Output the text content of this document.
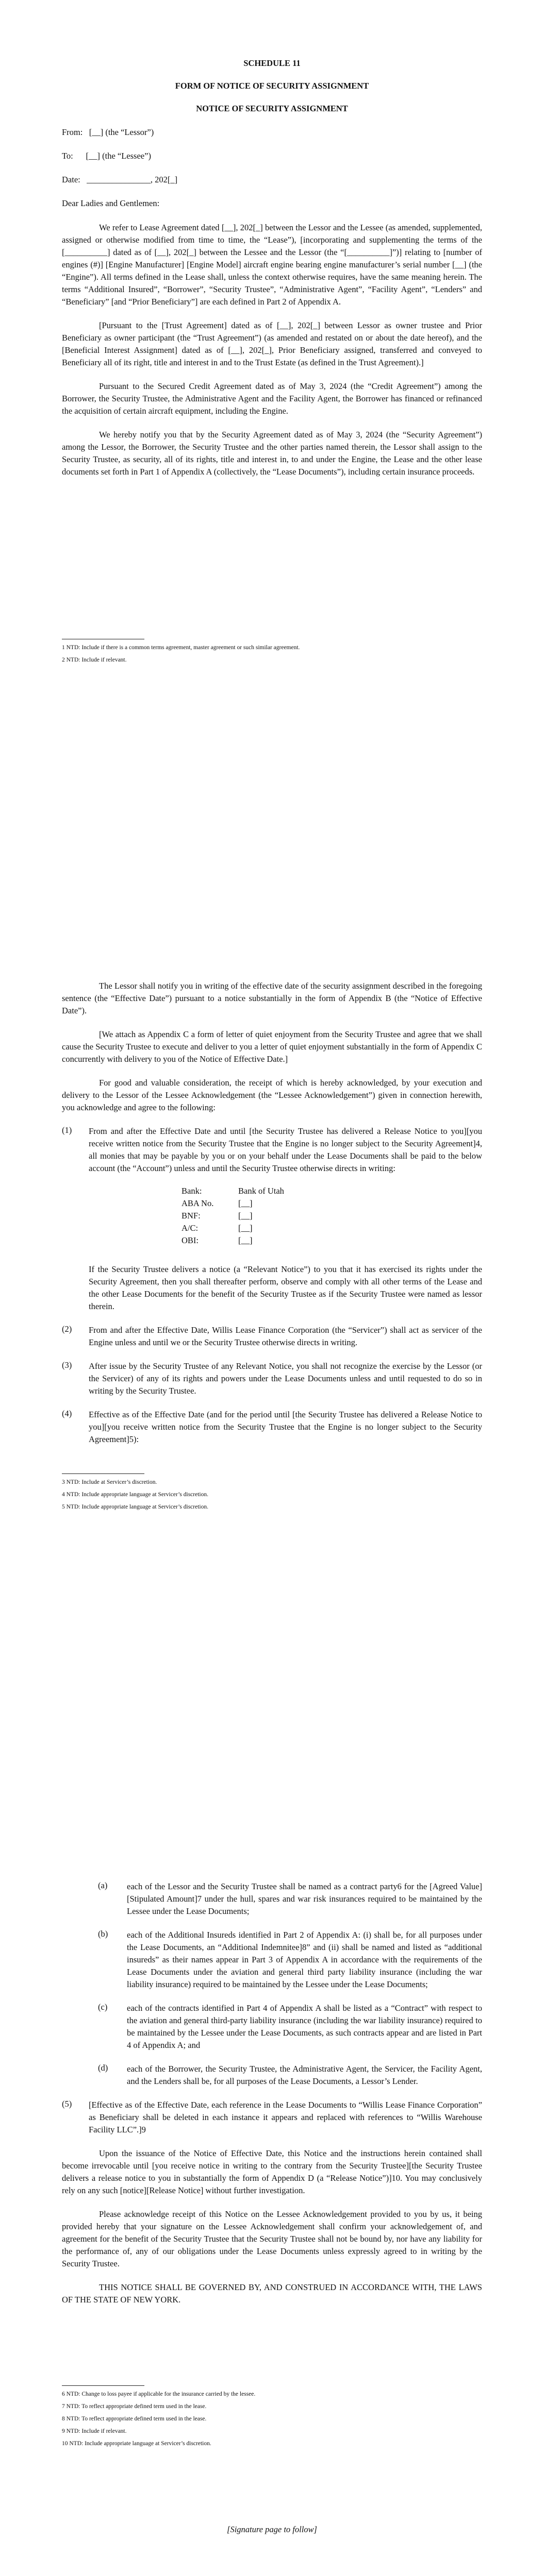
SCHEDULE 11
FORM OF NOTICE OF SECURITY ASSIGNMENT
NOTICE OF SECURITY ASSIGNMENT
From:   [__] (the “Lessor”)
To:      [__] (the “Lessee”)
Date:   _______________, 202[_]
Dear Ladies and Gentlemen:

We refer to Lease Agreement dated [__], 202[_] between the Lessor and the Lessee (as amended, supplemented, assigned or otherwise modified from time to time, the “Lease”), [incorporating and supplementing the terms of the [__________] dated as of [__], 202[_] between the Lessee and the Lessor (the “[__________]”)] relating to [number of engines (#)] [Engine Manufacturer] [Engine Model] aircraft engine bearing engine manufacturer’s serial number [__] (the “Engine”). All terms defined in the Lease shall, unless the context otherwise requires, have the same meaning herein. The terms “Additional Insured”, “Borrower”, “Security Trustee”, “Administrative Agent”, “Facility Agent”, “Lenders” and “Beneficiary” [and “Prior Beneficiary”] are each defined in Part 2 of Appendix A.

[Pursuant to the [Trust Agreement] dated as of [__], 202[_] between Lessor as owner trustee and Prior Beneficiary as owner participant (the “Trust Agreement”) (as amended and restated on or about the date hereof), and the [Beneficial Interest Assignment] dated as of [__], 202[_], Prior Beneficiary assigned, transferred and conveyed to Beneficiary all of its right, title and interest in and to the Trust Estate (as defined in the Trust Agreement).]

Pursuant to the Secured Credit Agreement dated as of May 3, 2024 (the “Credit Agreement”) among the Borrower, the Security Trustee, the Administrative Agent and the Facility Agent, the Borrower has financed or refinanced the acquisition of certain aircraft equipment, including the Engine.

We hereby notify you that by the Security Agreement dated as of May 3, 2024 (the “Security Agreement”) among the Lessor, the Borrower, the Security Trustee and the other parties named therein, the Lessor shall assign to the Security Trustee, as security, all of its rights, title and interest in, to and under the Engine, the Lease and the other lease documents set forth in Part 1 of Appendix A (collectively, the “Lease Documents”), including certain insurance proceeds.

1 NTD: Include if there is a common terms agreement, master agreement or such similar agreement.
2 NTD: Include if relevant.

The Lessor shall notify you in writing of the effective date of the security assignment described in the foregoing sentence (the “Effective Date”) pursuant to a notice substantially in the form of Appendix B (the “Notice of Effective Date”).

[We attach as Appendix C a form of letter of quiet enjoyment from the Security Trustee and agree that we shall cause the Security Trustee to execute and deliver to you a letter of quiet enjoyment substantially in the form of Appendix C concurrently with delivery to you of the Notice of Effective Date.]

For good and valuable consideration, the receipt of which is hereby acknowledged, by your execution and delivery to the Lessor of the Lessee Acknowledgement (the “Lessee Acknowledgement”) given in connection herewith, you acknowledge and agree to the following:

(1) From and after the Effective Date and until [the Security Trustee has delivered a Release Notice to you][you receive written notice from the Security Trustee that the Engine is no longer subject to the Security Agreement]4, all monies that may be payable by you or on your behalf under the Lease Documents shall be paid to the below account (the “Account”) unless and until the Security Trustee otherwise directs in writing:

Bank:	Bank of Utah
ABA No.	[__]
BNF:	[__]
A/C:	[__]
OBI:	[__]

If the Security Trustee delivers a notice (a “Relevant Notice”) to you that it has exercised its rights under the Security Agreement, then you shall thereafter perform, observe and comply with all other terms of the Lease and the other Lease Documents for the benefit of the Security Trustee as if the Security Trustee were named as lessor therein.

(2) From and after the Effective Date, Willis Lease Finance Corporation (the “Servicer”) shall act as servicer of the Engine unless and until we or the Security Trustee otherwise directs in writing.

(3) After issue by the Security Trustee of any Relevant Notice, you shall not recognize the exercise by the Lessor (or the Servicer) of any of its rights and powers under the Lease Documents unless and until requested to do so in writing by the Security Trustee.

(4) Effective as of the Effective Date (and for the period until [the Security Trustee has delivered a Release Notice to you][you receive written notice from the Security Trustee that the Engine is no longer subject to the Security Agreement]5):

3 NTD: Include at Servicer’s discretion.
4 NTD: Include appropriate language at Servicer’s discretion.
5 NTD: Include appropriate language at Servicer’s discretion.
(a) each of the Lessor and the Security Trustee shall be named as a contract party6 for the [Agreed Value][Stipulated Amount]7 under the hull, spares and war risk insurances required to be maintained by the Lessee under the Lease Documents;

(b) each of the Additional Insureds identified in Part 2 of Appendix A: (i) shall be, for all purposes under the Lease Documents, an “Additional Indemnitee]8” and (ii) shall be named and listed as “additional insureds” as their names appear in Part 3 of Appendix A in accordance with the requirements of the Lease Documents under the aviation and general third party liability insurance (including the war liability insurance) required to be maintained by the Lessee under the Lease Documents;

(c) each of the contracts identified in Part 4 of Appendix A shall be listed as a “Contract” with respect to the aviation and general third-party liability insurance (including the war liability insurance) required to be maintained by the Lessee under the Lease Documents, as such contracts appear and are listed in Part 4 of Appendix A; and

(d) each of the Borrower, the Security Trustee, the Administrative Agent, the Servicer, the Facility Agent, and the Lenders shall be, for all purposes of the Lease Documents, a Lessor’s Lender.

(5) [Effective as of the Effective Date, each reference in the Lease Documents to “Willis Lease Finance Corporation” as Beneficiary shall be deleted in each instance it appears and replaced with references to “Willis Warehouse Facility LLC”.]9

Upon the issuance of the Notice of Effective Date, this Notice and the instructions herein contained shall become irrevocable until [you receive notice in writing to the contrary from the Security Trustee][the Security Trustee delivers a release notice to you in substantially the form of Appendix D (a “Release Notice”)]10. You may conclusively rely on any such [notice][Release Notice] without further investigation.

Please acknowledge receipt of this Notice on the Lessee Acknowledgement provided to you by us, it being provided hereby that your signature on the Lessee Acknowledgement shall confirm your acknowledgement of, and agreement for the benefit of the Security Trustee that the Security Trustee shall not be bound by, nor have any liability for the performance of, any of our obligations under the Lease Documents unless expressly agreed to in writing by the Security Trustee.

THIS NOTICE SHALL BE GOVERNED BY, AND CONSTRUED IN ACCORDANCE WITH, THE LAWS OF THE STATE OF NEW YORK.

6 NTD: Change to loss payee if applicable for the insurance carried by the lessee.
7 NTD: To reflect appropriate defined term used in the lease.
8 NTD: To reflect appropriate defined term used in the lease.
9 NTD: Include if relevant.
10 NTD: Include appropriate language at Servicer’s discretion.
[Signature page to follow]
